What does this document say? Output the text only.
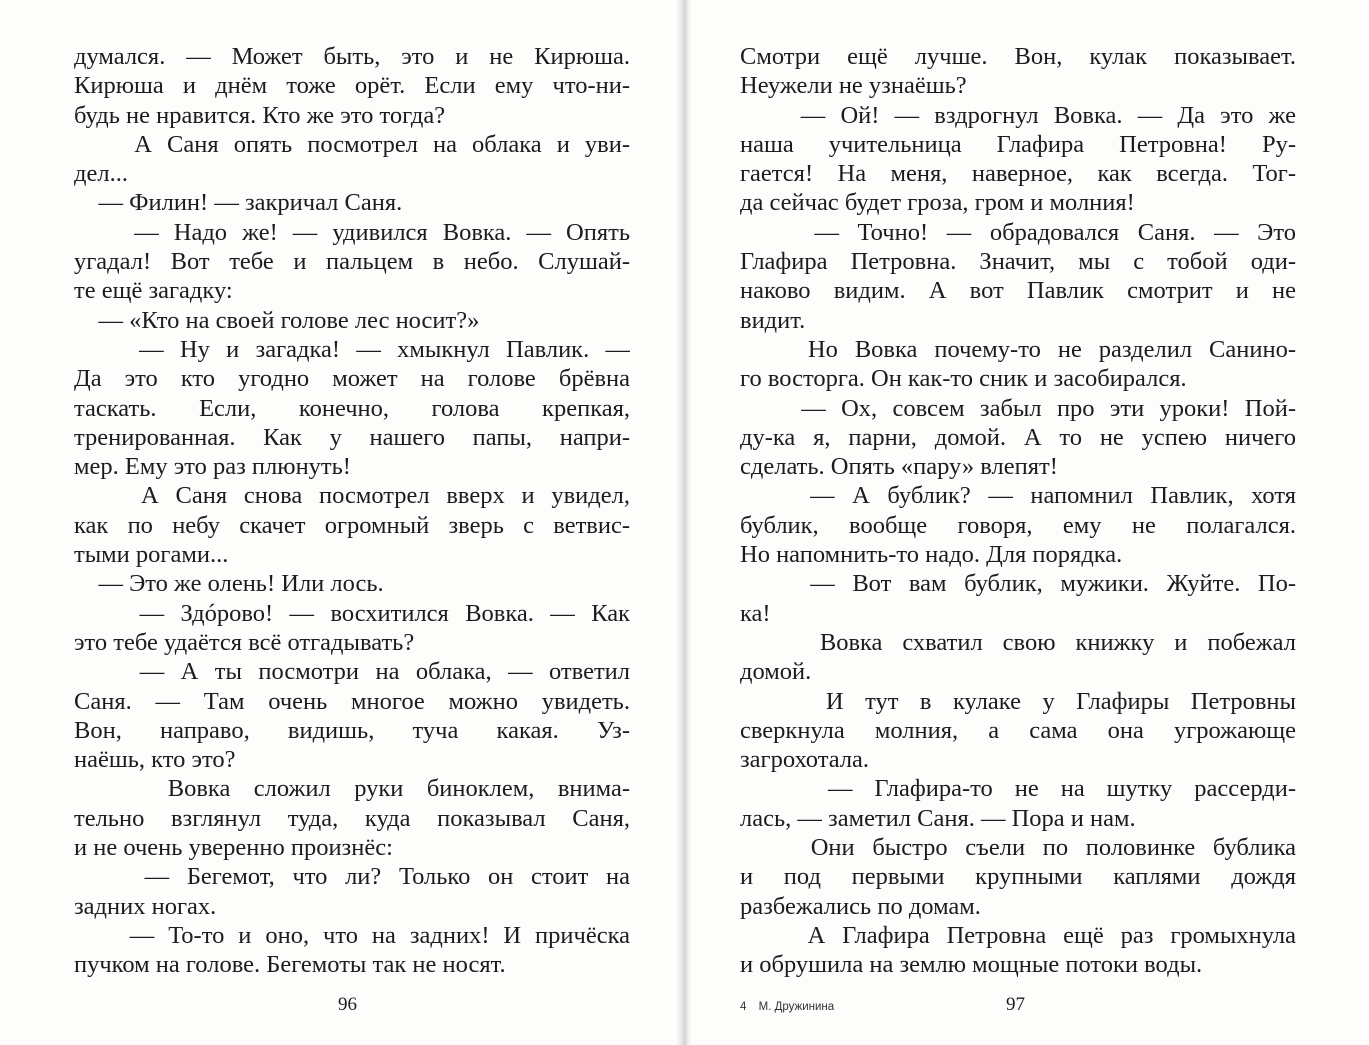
думался. — Может быть, это и не Кирюша.
Кирюша и днём тоже орёт. Если ему что-ни-
будь не нравится. Кто же это тогда?
А Саня опять посмотрел на облака и уви-
дел...
— Филин! — закричал Саня.
— Надо же! — удивился Вовка. — Опять
угадал! Вот тебе и пальцем в небо. Слушай-
те ещё загадку:
— «Кто на своей голове лес носит?»
— Ну и загадка! — хмыкнул Павлик. —
Да это кто угодно может на голове брёвна
таскать. Если, конечно, голова крепкая,
тренированная. Как у нашего папы, напри-
мер. Ему это раз плюнуть!
А Саня снова посмотрел вверх и увидел,
как по небу скачет огромный зверь с ветвис-
тыми рогами...
— Это же олень! Или лось.
— Здóрово! — восхитился Вовка. — Как
это тебе удаётся всё отгадывать?
— А ты посмотри на облака, — ответил
Саня. — Там очень многое можно увидеть.
Вон, направо, видишь, туча какая. Уз-
наёшь, кто это?
Вовка сложил руки биноклем, внима-
тельно взглянул туда, куда показывал Саня,
и не очень уверенно произнёс:
— Бегемот, что ли? Только он стоит на
задних ногах.
— То-то и оно, что на задних! И причёска
пучком на голове. Бегемоты так не носят.
96
Смотри ещё лучше. Вон, кулак показывает.
Неужели не узнаёшь?
— Ой! — вздрогнул Вовка. — Да это же
наша учительница Глафира Петровна! Ру-
гается! На меня, наверное, как всегда. Тог-
да сейчас будет гроза, гром и молния!
— Точно! — обрадовался Саня. — Это
Глафира Петровна. Значит, мы с тобой оди-
наково видим. А вот Павлик смотрит и не
видит.
Но Вовка почему-то не разделил Санино-
го восторга. Он как-то сник и засобирался.
— Ох, совсем забыл про эти уроки! Пой-
ду-ка я, парни, домой. А то не успею ничего
сделать. Опять «пару» влепят!
— А бублик? — напомнил Павлик, хотя
бублик, вообще говоря, ему не полагался.
Но напомнить-то надо. Для порядка.
— Вот вам бублик, мужики. Жуйте. По-
ка!
Вовка схватил свою книжку и побежал
домой.
И тут в кулаке у Глафиры Петровны
сверкнула молния, а сама она угрожающе
загрохотала.
— Глафира-то не на шутку рассерди-
лась, — заметил Саня. — Пора и нам.
Они быстро съели по половинке бублика
и под первыми крупными каплями дождя
разбежались по домам.
А Глафира Петровна ещё раз громыхнула
и обрушила на землю мощные потоки воды.
4 М. Дружинина	97
